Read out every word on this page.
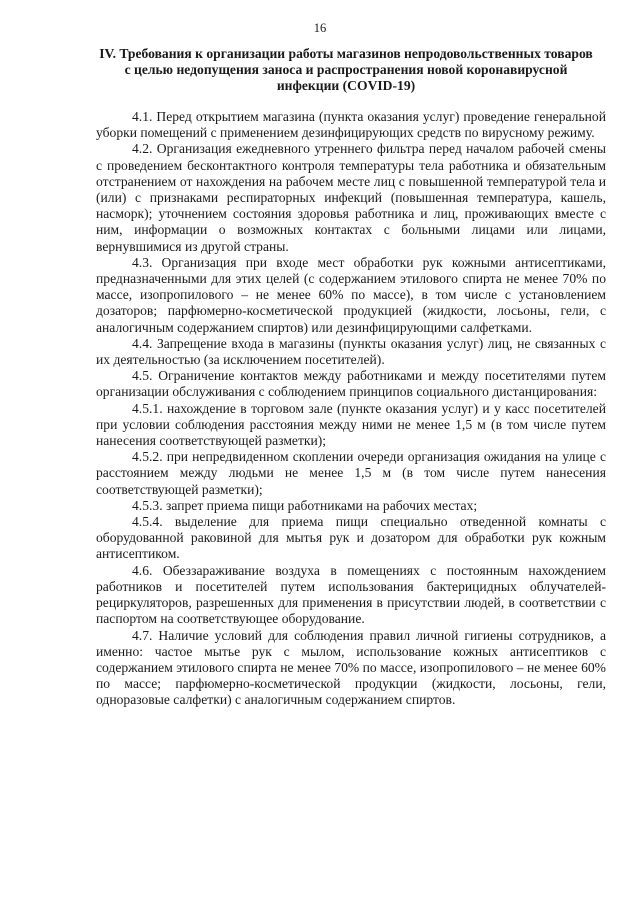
16
IV. Требования к организации работы магазинов непродовольственных товаров с целью недопущения заноса и распространения новой коронавирусной инфекции (COVID-19)

4.1. Перед открытием магазина (пункта оказания услуг) проведение генеральной уборки помещений с применением дезинфицирующих средств по вирусному режиму.

4.2. Организация ежедневного утреннего фильтра перед началом рабочей смены с проведением бесконтактного контроля температуры тела работника и обязательным отстранением от нахождения на рабочем месте лиц с повышенной температурой тела и (или) с признаками респираторных инфекций (повышенная температура, кашель, насморк); уточнением состояния здоровья работника и лиц, проживающих вместе с ним, информации о возможных контактах с больными лицами или лицами, вернувшимися из другой страны.

4.3. Организация при входе мест обработки рук кожными антисептиками, предназначенными для этих целей (с содержанием этилового спирта не менее 70% по массе, изопропилового – не менее 60% по массе), в том числе с установлением дозаторов; парфюмерно-косметической продукцией (жидкости, лосьоны, гели, с аналогичным содержанием спиртов) или дезинфицирующими салфетками.

4.4. Запрещение входа в магазины (пункты оказания услуг) лиц, не связанных с их деятельностью (за исключением посетителей).

4.5. Ограничение контактов между работниками и между посетителями путем организации обслуживания с соблюдением принципов социального дистанцирования:

4.5.1. нахождение в торговом зале (пункте оказания услуг) и у касс посетителей при условии соблюдения расстояния между ними не менее 1,5 м (в том числе путем нанесения соответствующей разметки);

4.5.2. при непредвиденном скоплении очереди организация ожидания на улице с расстоянием между людьми не менее 1,5 м (в том числе путем нанесения соответствующей разметки);

4.5.3. запрет приема пищи работниками на рабочих местах;

4.5.4. выделение для приема пищи специально отведенной комнаты с оборудованной раковиной для мытья рук и дозатором для обработки рук кожным антисептиком.

4.6. Обеззараживание воздуха в помещениях с постоянным нахождением работников и посетителей путем использования бактерицидных облучателей-рециркуляторов, разрешенных для применения в присутствии людей, в соответствии с паспортом на соответствующее оборудование.

4.7. Наличие условий для соблюдения правил личной гигиены сотрудников, а именно: частое мытье рук с мылом, использование кожных антисептиков с содержанием этилового спирта не менее 70% по массе, изопропилового – не менее 60% по массе; парфюмерно-косметической продукции (жидкости, лосьоны, гели, одноразовые салфетки) с аналогичным содержанием спиртов.
